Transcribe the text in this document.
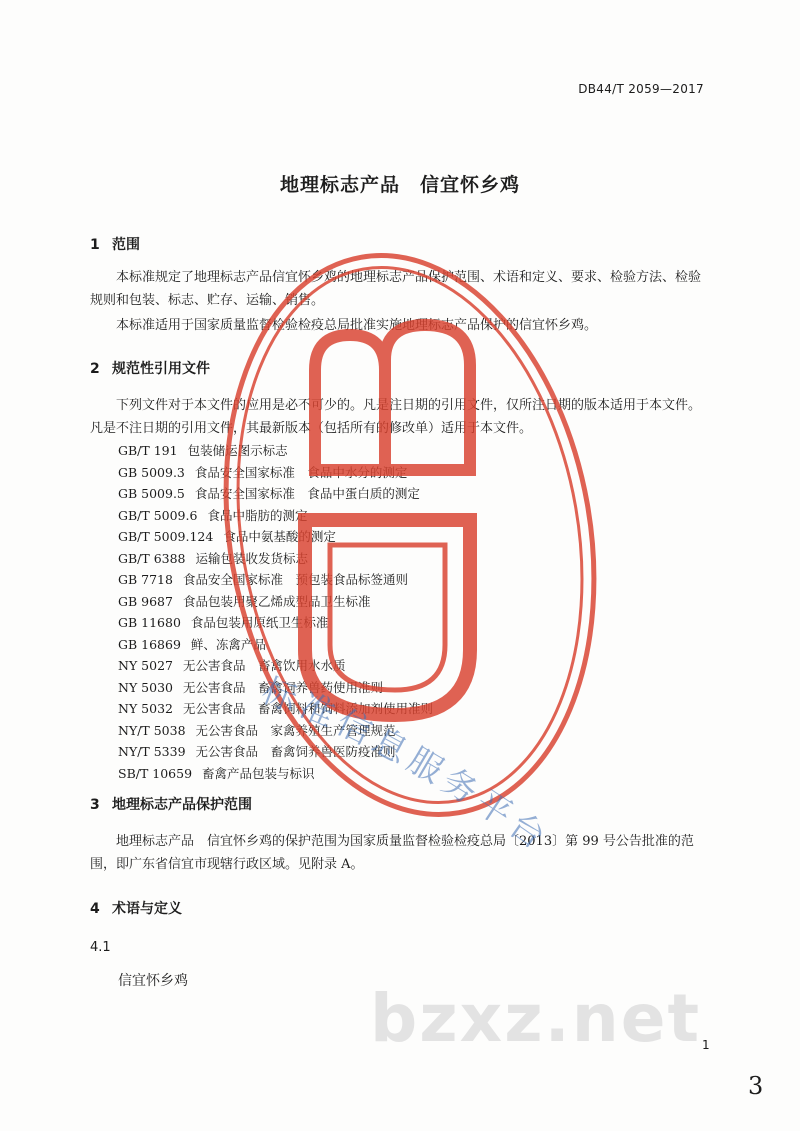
DB44/T 2059—2017
地理标志产品　信宜怀乡鸡
1 范围
本标准规定了地理标志产品信宜怀乡鸡的地理标志产品保护范围、术语和定义、要求、检验方法、检验规则和包装、标志、贮存、运输、销售。
本标准适用于国家质量监督检验检疫总局批准实施地理标志产品保护的信宜怀乡鸡。
2 规范性引用文件
下列文件对于本文件的应用是必不可少的。凡是注日期的引用文件，仅所注日期的版本适用于本文件。凡是不注日期的引用文件，其最新版本（包括所有的修改单）适用于本文件。
GB/T 191 包装储运图示标志
GB 5009.3 食品安全国家标准　食品中水分的测定
GB 5009.5 食品安全国家标准　食品中蛋白质的测定
GB/T 5009.6 食品中脂肪的测定
GB/T 5009.124 食品中氨基酸的测定
GB/T 6388 运输包装收发货标志
GB 7718 食品安全国家标准　预包装食品标签通则
GB 9687 食品包装用聚乙烯成型品卫生标准
GB 11680 食品包装用原纸卫生标准
GB 16869 鲜、冻禽产品
NY 5027 无公害食品　畜禽饮用水水质
NY 5030 无公害食品　畜禽饲养兽药使用准则
NY 5032 无公害食品　畜禽饲料和饲料添加剂使用准则
NY/T 5038 无公害食品　家禽养殖生产管理规范
NY/T 5339 无公害食品　畜禽饲养兽医防疫准则
SB/T 10659 畜禽产品包装与标识
3 地理标志产品保护范围
地理标志产品　信宜怀乡鸡的保护范围为国家质量监督检验检疫总局〔2013〕第 99 号公告批准的范围，即广东省信宜市现辖行政区域。见附录 A。
4 术语与定义
4.1
信宜怀乡鸡
1
3
bzxz.net
标准信息服务平台
